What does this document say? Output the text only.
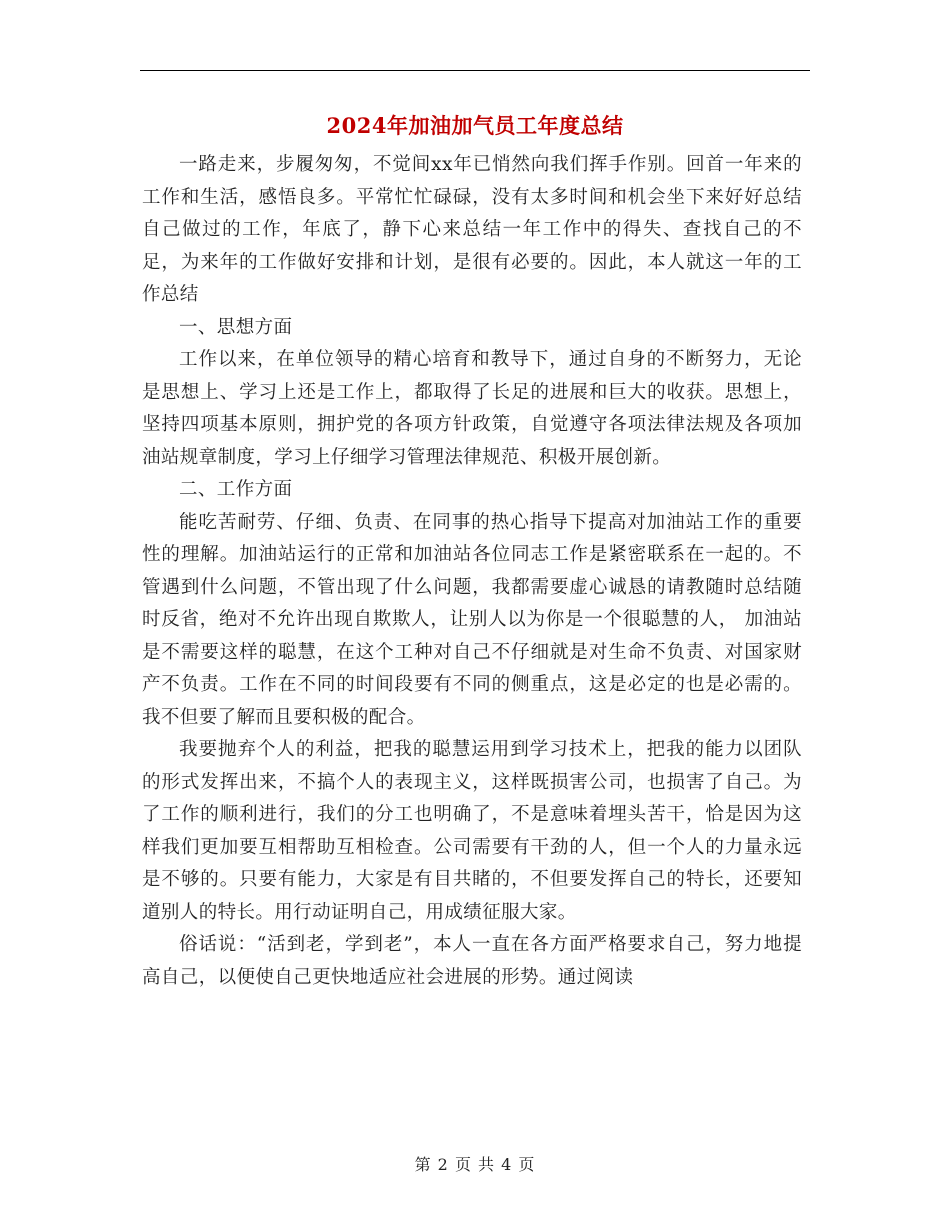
2024年加油加气员工年度总结

一路走来，步履匆匆，不觉间xx年已悄然向我们挥手作别。回首一年来的工作和生活，感悟良多。平常忙忙碌碌，没有太多时间和机会坐下来好好总结自己做过的工作，年底了，静下心来总结一年工作中的得失、查找自己的不足，为来年的工作做好安排和计划，是很有必要的。因此，本人就这一年的工作总结

一、思想方面

工作以来，在单位领导的精心培育和教导下，通过自身的不断努力，无论是思想上、学习上还是工作上，都取得了长足的进展和巨大的收获。思想上，坚持四项基本原则，拥护党的各项方针政策，自觉遵守各项法律法规及各项加油站规章制度，学习上仔细学习管理法律规范、积极开展创新。

二、工作方面

能吃苦耐劳、仔细、负责、在同事的热心指导下提高对加油站工作的重要性的理解。加油站运行的正常和加油站各位同志工作是紧密联系在一起的。不管遇到什么问题，不管出现了什么问题，我都需要虚心诚恳的请教随时总结随时反省，绝对不允许出现自欺欺人，让别人以为你是一个很聪慧的人， 加油站是不需要这样的聪慧，在这个工种对自己不仔细就是对生命不负责、对国家财产不负责。工作在不同的时间段要有不同的侧重点，这是必定的也是必需的。我不但要了解而且要积极的配合。

我要抛弃个人的利益，把我的聪慧运用到学习技术上，把我的能力以团队的形式发挥出来，不搞个人的表现主义，这样既损害公司，也损害了自己。为了工作的顺利进行，我们的分工也明确了，不是意味着埋头苦干，恰是因为这样我们更加要互相帮助互相检查。公司需要有干劲的人，但一个人的力量永远是不够的。只要有能力，大家是有目共睹的，不但要发挥自己的特长，还要知道别人的特长。用行动证明自己，用成绩征服大家。

俗话说：“活到老，学到老”，本人一直在各方面严格要求自己，努力地提高自己，以便使自己更快地适应社会进展的形势。通过阅读

第 2 页 共 4 页
